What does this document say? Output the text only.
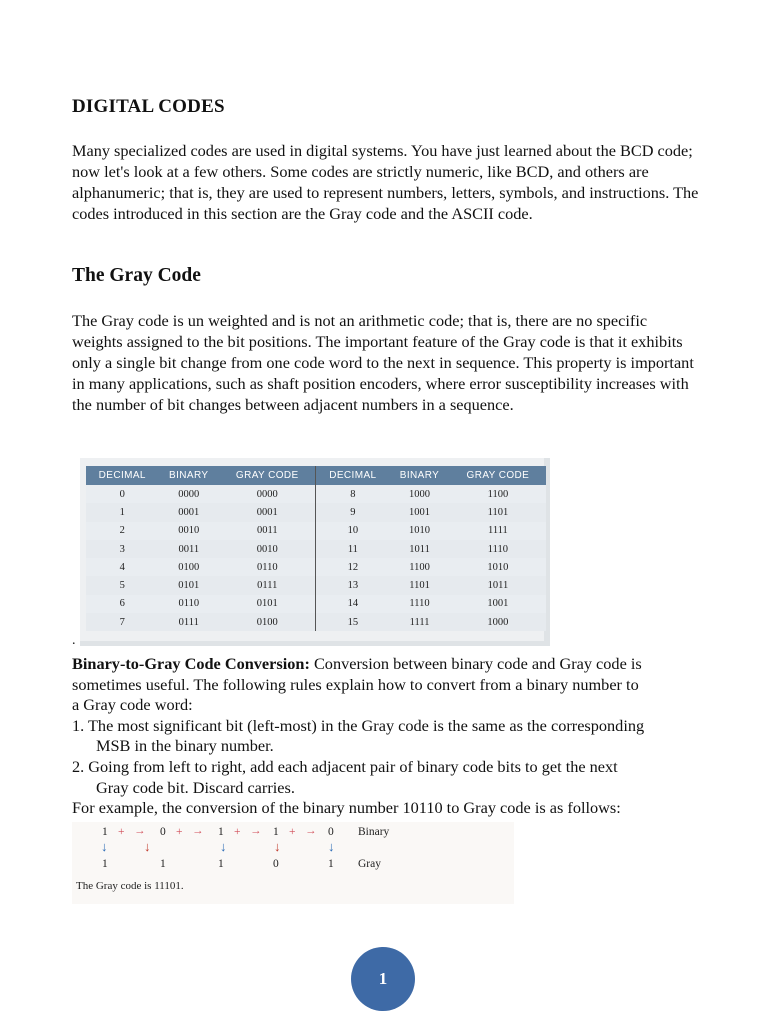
DIGITAL CODES

Many specialized codes are used in digital systems. You have just learned about the BCD code; now let's look at a few others. Some codes are strictly numeric, like BCD, and others are alphanumeric; that is, they are used to represent numbers, letters, symbols, and instructions. The codes introduced in this section are the Gray code and the ASCII code.

The Gray Code

The Gray code is un weighted and is not an arithmetic code; that is, there are no specific weights assigned to the bit positions. The important feature of the Gray code is that it exhibits only a single bit change from one code word to the next in sequence. This property is important in many applications, such as shaft position encoders, where error susceptibility increases with the number of bit changes between adjacent numbers in a sequence.

DECIMAL	BINARY	GRAY CODE	DECIMAL	BINARY	GRAY CODE
0	0000	0000	8	1000	1100
1	0001	0001	9	1001	1101
2	0010	0011	10	1010	1111
3	0011	0010	11	1011	1110
4	0100	0110	12	1100	1010
5	0101	0111	13	1101	1011
6	0110	0101	14	1110	1001
7	0111	0100	15	1111	1000
.
Binary-to-Gray Code Conversion: Conversion between binary code and Gray code is
sometimes useful. The following rules explain how to convert from a binary number to
a Gray code word:
1. The most significant bit (left-most) in the Gray code is the same as the corresponding
MSB in the binary number.
2. Going from left to right, add each adjacent pair of binary code bits to get the next
Gray code bit. Discard carries.
For example, the conversion of the binary number 10110 to Gray code is as follows:
Binary
Gray
The Gray code is 11101.
1 + → 0 + → 1 + → 1 + → 0
↓
1
↓
1
↓
1
↓
0
↓
1
1
